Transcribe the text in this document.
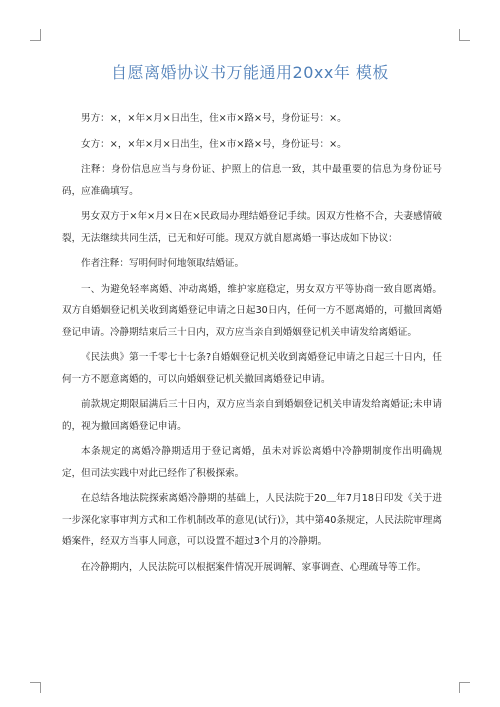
自愿离婚协议书万能通用20xx年 模板

男方：×，×年×月×日出生，住×市×路×号，身份证号：×。

女方：×，×年×月×日出生，住×市×路×号，身份证号：×。

注释：身份信息应当与身份证、护照上的信息一致，其中最重要的信息为身份证号码，应准确填写。

男女双方于×年×月×日在×民政局办理结婚登记手续。因双方性格不合，夫妻感情破裂，无法继续共同生活，已无和好可能。现双方就自愿离婚一事达成如下协议：

作者注释：写明何时何地领取结婚证。

一、为避免轻率离婚、冲动离婚，维护家庭稳定，男女双方平等协商一致自愿离婚。双方自婚姻登记机关收到离婚登记申请之日起30日内，任何一方不愿离婚的，可撤回离婚登记申请。冷静期结束后三十日内，双方应当亲自到婚姻登记机关申请发给离婚证。

《民法典》第一千零七十七条?自婚姻登记机关收到离婚登记申请之日起三十日内，任何一方不愿意离婚的，可以向婚姻登记机关撤回离婚登记申请。

前款规定期限届满后三十日内，双方应当亲自到婚姻登记机关申请发给离婚证;未申请的，视为撤回离婚登记申请。

本条规定的离婚冷静期适用于登记离婚，虽未对诉讼离婚中冷静期制度作出明确规定，但司法实践中对此已经作了积极探索。

在总结各地法院探索离婚冷静期的基础上，人民法院于20＿年7月18日印发《关于进一步深化家事审判方式和工作机制改革的意见(试行)》，其中第40条规定，人民法院审理离婚案件，经双方当事人同意，可以设置不超过3个月的冷静期。

在冷静期内，人民法院可以根据案件情况开展调解、家事调查、心理疏导等工作。
